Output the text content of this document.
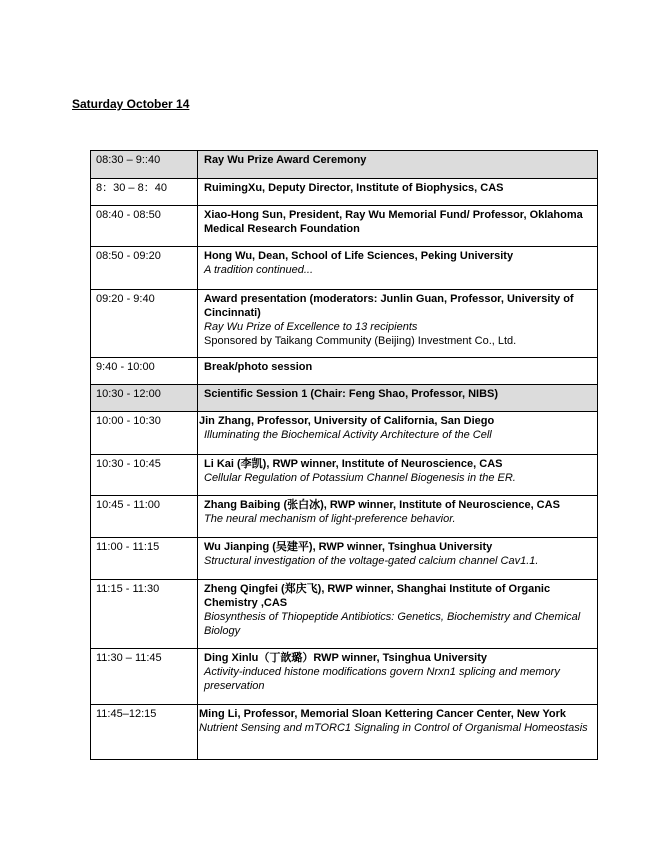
Saturday October 14
08:30 – 9::40	Ray Wu Prize Award Ceremony

8：30 – 8：40	RuimingXu, Deputy Director, Institute of Biophysics, CAS

08:40 - 08:50	Xiao-Hong Sun, President, Ray Wu Memorial Fund/ Professor, Oklahoma Medical Research Foundation

08:50 - 09:20	Hong Wu, Dean, School of Life Sciences, Peking University
A tradition continued...

09:20 - 9:40	Award presentation (moderators: Junlin Guan, Professor, University of Cincinnati)
Ray Wu Prize of Excellence to 13 recipients
Sponsored by Taikang Community (Beijing) Investment Co., Ltd.

9:40 - 10:00	Break/photo session

10:30 - 12:00	Scientific Session 1 (Chair: Feng Shao, Professor, NIBS)

10:00 - 10:30	Jin Zhang, Professor, University of California, San Diego
Illuminating the Biochemical Activity Architecture of the Cell

10:30 - 10:45	Li Kai (李凯), RWP winner, Institute of Neuroscience, CAS
Cellular Regulation of Potassium Channel Biogenesis in the ER.

10:45 - 11:00	Zhang Baibing (张白冰), RWP winner, Institute of Neuroscience, CAS
The neural mechanism of light-preference behavior.

11:00 - 11:15	Wu Jianping (吴建平), RWP winner, Tsinghua University
Structural investigation of the voltage-gated calcium channel Cav1.1.

11:15 - 11:30	Zheng Qingfei (郑庆飞), RWP winner, Shanghai Institute of Organic Chemistry ,CAS
Biosynthesis of Thiopeptide Antibiotics: Genetics, Biochemistry and Chemical Biology

11:30 – 11:45	Ding Xinlu（丁歆璐）RWP winner, Tsinghua University
Activity-induced histone modifications govern Nrxn1 splicing and memory preservation

11:45–12:15	Ming Li, Professor, Memorial Sloan Kettering Cancer Center, New York
Nutrient Sensing and mTORC1 Signaling in Control of Organismal Homeostasis
